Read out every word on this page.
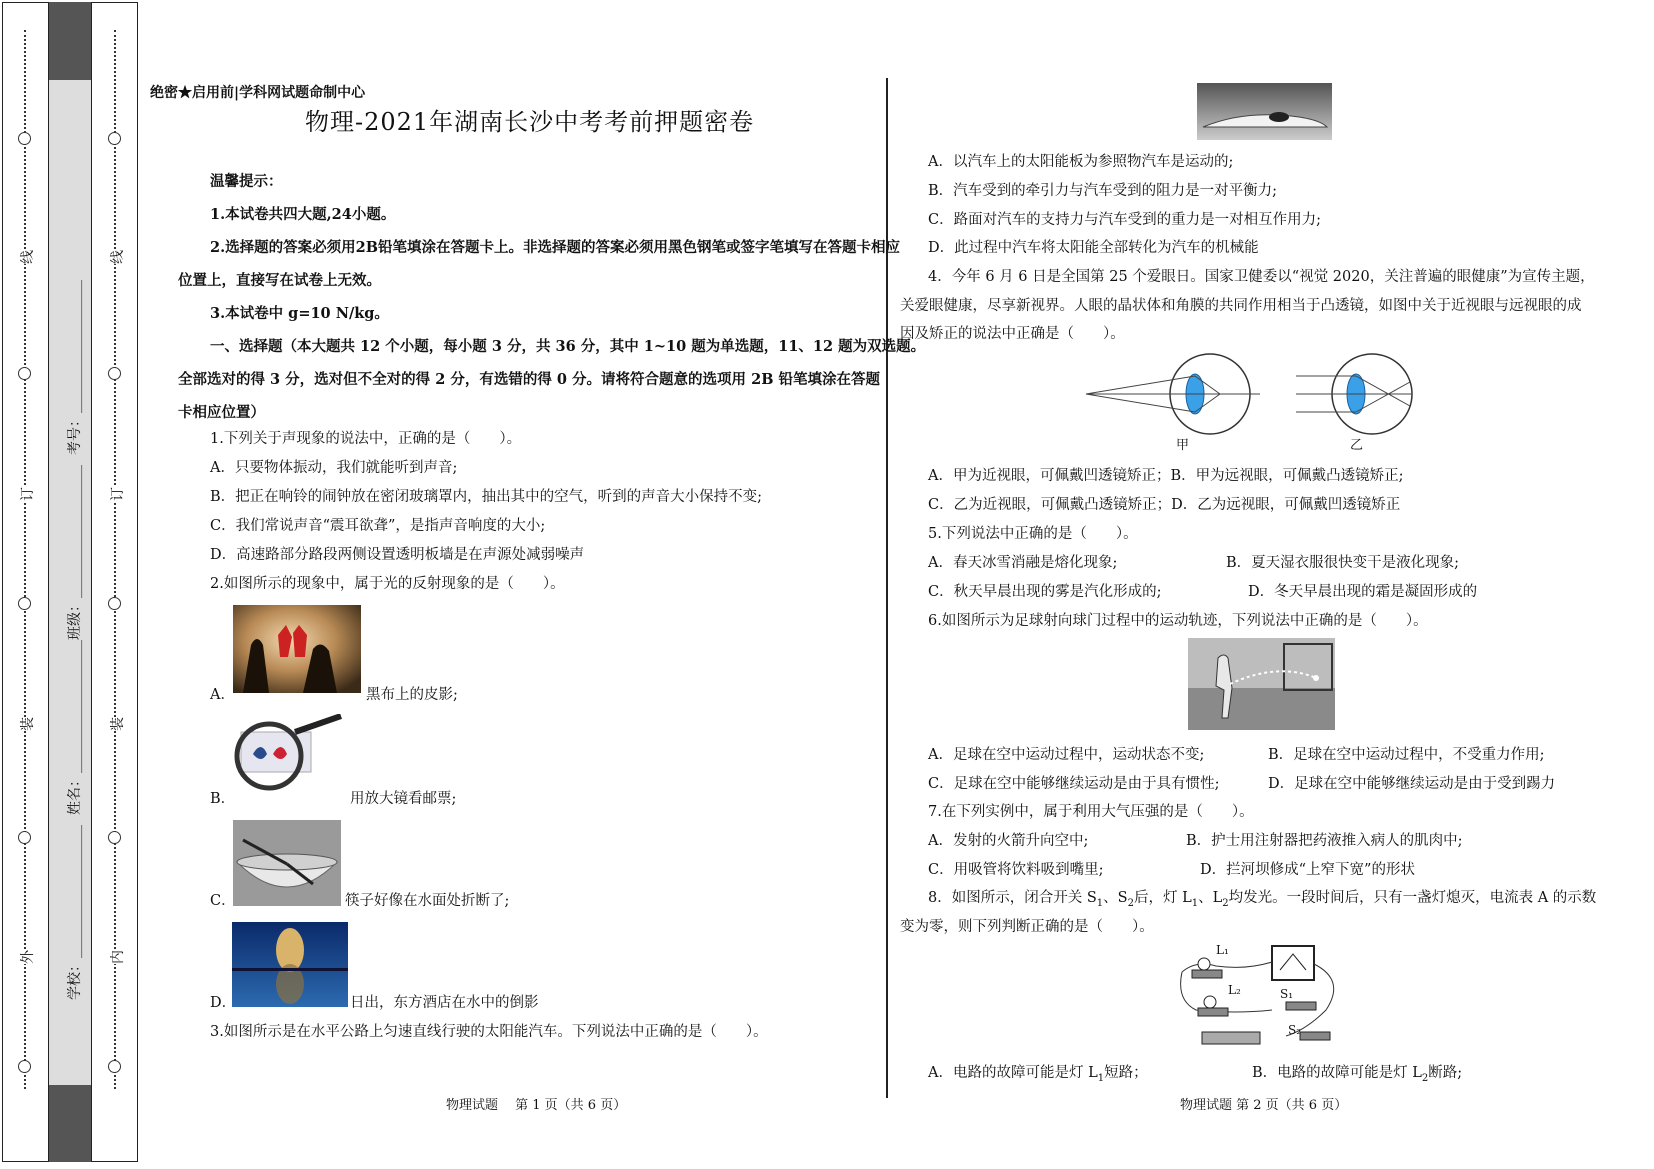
线
订
装
外
线
订
装
内
考号：___________________
班级：___________________
姓名：___________________
学校：___________________
绝密★启用前|学科网试题命制中心
物理-2021年湖南长沙中考考前押题密卷
温馨提示：
1.本试卷共四大题,24小题。
2.选择题的答案必须用2B铅笔填涂在答题卡上。非选择题的答案必须用黑色钢笔或签字笔填写在答题卡相应
位置上，直接写在试卷上无效。
3.本试卷中 g=10 N/kg。
一、选择题（本大题共 12 个小题，每小题 3 分，共 36 分，其中 1~10 题为单选题，11、12 题为双选题。
全部选对的得 3 分，选对但不全对的得 2 分，有选错的得 0 分。请将符合题意的选项用 2B 铅笔填涂在答题
卡相应位置）
1.下列关于声现象的说法中，正确的是（　　）。
A．只要物体振动，我们就能听到声音;
B．把正在响铃的闹钟放在密闭玻璃罩内，抽出其中的空气，听到的声音大小保持不变;
C．我们常说声音“震耳欲聋”，是指声音响度的大小;
D．高速路部分路段两侧设置透明板墙是在声源处减弱噪声
2.如图所示的现象中，属于光的反射现象的是（　　）。
A．	黑布上的皮影;
B．	用放大镜看邮票;
C．	筷子好像在水面处折断了;
D．	日出，东方酒店在水中的倒影
3.如图所示是在水平公路上匀速直线行驶的太阳能汽车。下列说法中正确的是（　　）。
物理试题　 第 1 页（共 6 页）
A．以汽车上的太阳能板为参照物汽车是运动的;
B．汽车受到的牵引力与汽车受到的阻力是一对平衡力;
C．路面对汽车的支持力与汽车受到的重力是一对相互作用力;
D．此过程中汽车将太阳能全部转化为汽车的机械能
4．今年 6 月 6 日是全国第 25 个爱眼日。国家卫健委以“视觉 2020，关注普遍的眼健康”为宣传主题，
关爱眼健康，尽享新视界。人眼的晶状体和角膜的共同作用相当于凸透镜，如图中关于近视眼与远视眼的成
因及矫正的说法中正确是（　　）。
甲	乙
A．甲为近视眼，可佩戴凹透镜矫正；B．甲为远视眼，可佩戴凸透镜矫正;
C．乙为近视眼，可佩戴凸透镜矫正；D．乙为远视眼，可佩戴凹透镜矫正
5.下列说法中正确的是（　　）。
A．春天冰雪消融是熔化现象;	B．夏天湿衣服很快变干是液化现象;
C．秋天早晨出现的雾是汽化形成的;	D．冬天早晨出现的霜是凝固形成的
6.如图所示为足球射向球门过程中的运动轨迹，下列说法中正确的是（　　）。
A．足球在空中运动过程中，运动状态不变;	B．足球在空中运动过程中，不受重力作用;
C．足球在空中能够继续运动是由于具有惯性;	D．足球在空中能够继续运动是由于受到踢力
7.在下列实例中，属于利用大气压强的是（　　）。
A．发射的火箭升向空中;	B．护士用注射器把药液推入病人的肌肉中;
C．用吸管将饮料吸到嘴里;	D．拦河坝修成“上窄下宽”的形状
8．如图所示，闭合开关 $S_1$、$S_2$后，灯 $L_1$、$L_2$均发光。一段时间后，只有一盏灯熄灭，电流表 A 的示数
变为零，则下列判断正确的是（　　）。
L₁
L₂	S₁
S₂
A．电路的故障可能是灯 $L_1$短路；	B．电路的故障可能是灯 $L_2$断路;
物理试题 第 2 页（共 6 页）
